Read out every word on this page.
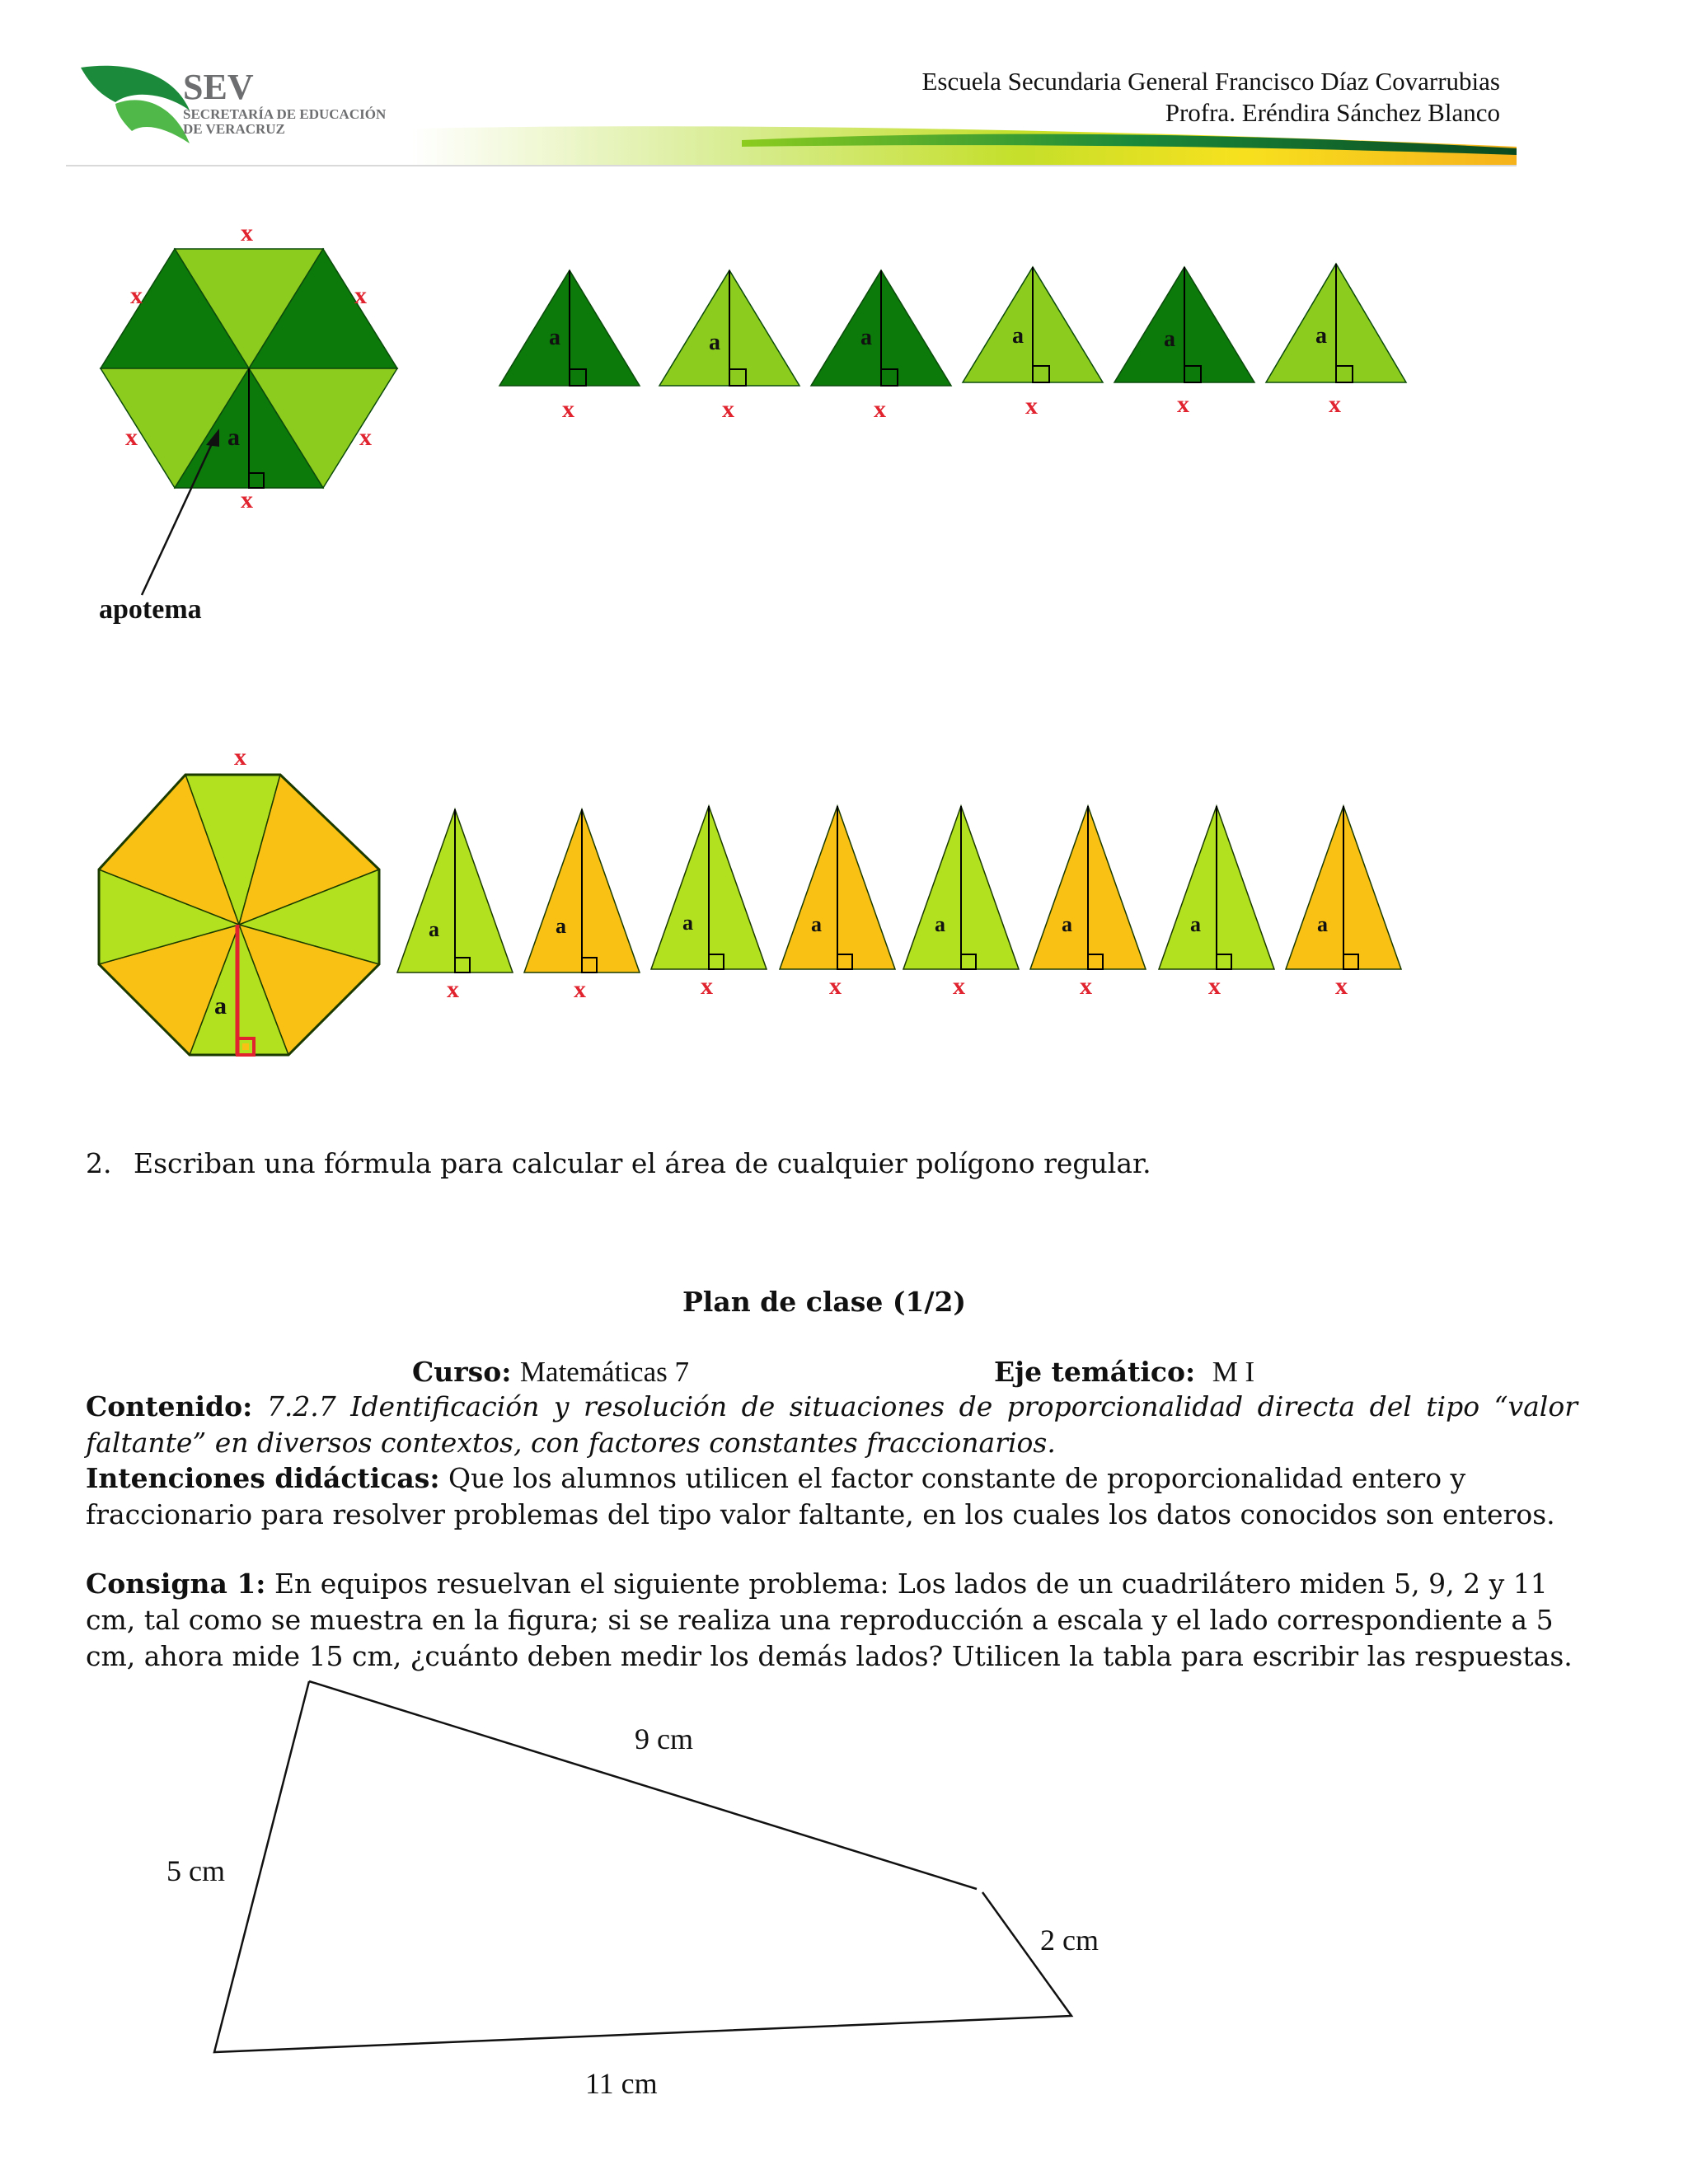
SEV
SECRETARÍA DE EDUCACIÓN
DE VERACRUZ
Escuela Secundaria General Francisco Díaz Covarrubias
Profra. Eréndira Sánchez Blanco
a
x
x	x
x	x
x
apotema
a
x
a
x
a
x
a
x
a
x
a
x
a
x
a
x
a
x
a
x
a
x
a
x
a
x
a
x
a
x
2. Escriban una fórmula para calcular el área de cualquier polígono regular.
Plan de clase (1/2)
Curso: Matemáticas 7	Eje temático: M I
Contenido: 7.2.7 Identificación y resolución de situaciones de proporcionalidad directa del tipo “valor faltante” en diversos contextos, con factores constantes fraccionarios.
Intenciones didácticas: Que los alumnos utilicen el factor constante de proporcionalidad entero y fraccionario para resolver problemas del tipo valor faltante, en los cuales los datos conocidos son enteros.
Consigna 1: En equipos resuelvan el siguiente problema: Los lados de un cuadrilátero miden 5, 9, 2 y 11 cm, tal como se muestra en la figura; si se realiza una reproducción a escala y el lado correspondiente a 5 cm, ahora mide 15 cm, ¿cuánto deben medir los demás lados? Utilicen la tabla para escribir las respuestas.
9 cm
5 cm
2 cm
11 cm
